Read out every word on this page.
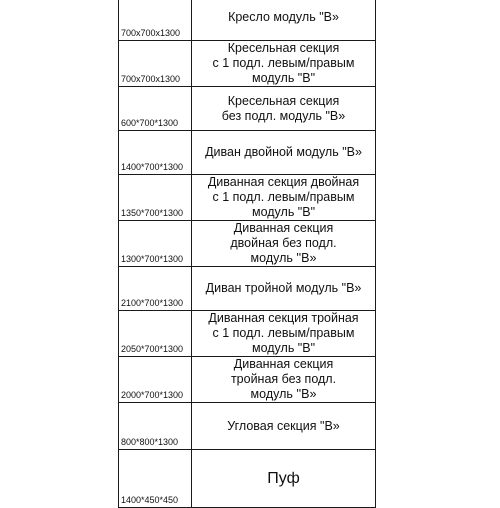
700x700x1300	Кресло модуль "В»

700x700x1300	Кресельная секция
с 1 подл. левым/правым
модуль "В"

600*700*1300	Кресельная секция
без подл. модуль "В»

1400*700*1300	Диван двойной модуль "В»

1350*700*1300	Диванная секция двойная
с 1 подл. левым/правым
модуль "В"

1300*700*1300	Диванная секция
двойная без подл.
модуль ''В»

2100*700*1300	Диван тройной модуль "В»

2050*700*1300	Диванная секция тройная
с 1 подл. левым/правым
модуль "В"

2000*700*1300	Диванная секция
тройная без подл.
модуль ''В»

800*800*1300	Угловая секция "В»

1400*450*450	Пуф
